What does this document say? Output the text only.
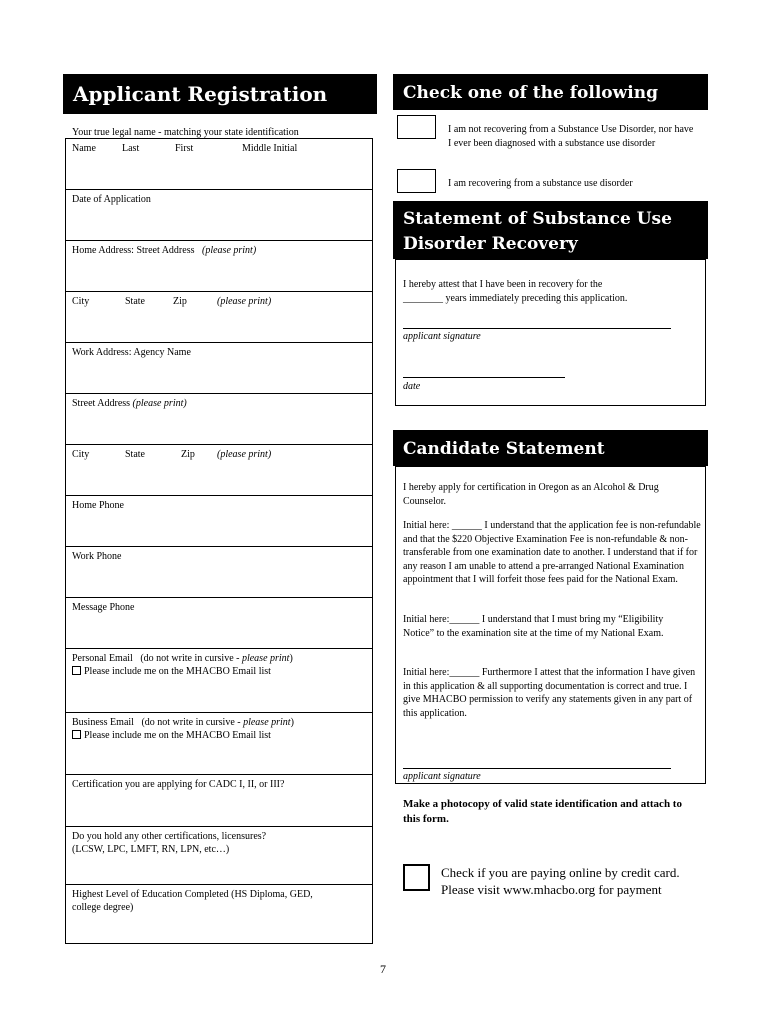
Applicant Registration
Your true legal name - matching your state identification
Name	Last	First	Middle Initial
Date of Application
Home Address: Street Address (please print)
City	State	Zip	(please print)
Work Address: Agency Name
Street Address (please print)
City	State	Zip (please print)
Home Phone
Work Phone
Message Phone
Personal Email (do not write in cursive - please print)
Please include me on the MHACBO Email list
Business Email (do not write in cursive - please print)
Please include me on the MHACBO Email list
Certification you are applying for CADC I, II, or III?
Do you hold any other certifications, licensures?
(LCSW, LPC, LMFT, RN, LPN, etc…)
Highest Level of Education Completed (HS Diploma, GED, college degree)
Check one of the following
I am not recovering from a Substance Use Disorder, nor have I ever been diagnosed with a substance use disorder
I am recovering from a substance use disorder
Statement of Substance Use Disorder Recovery
I hereby attest that I have been in recovery for the
________ years immediately preceding this application.
applicant signature
date
Candidate Statement
I hereby apply for certification in Oregon as an Alcohol & Drug Counselor.
Initial here: ______ I understand that the application fee is non-refundable and that the $220 Objective Examination Fee is non-refundable & non-transferable from one examination date to another. I understand that if for any reason I am unable to attend a pre-arranged National Examination appointment that I will forfeit those fees paid for the National Exam.
Initial here:______ I understand that I must bring my “Eligibility Notice” to the examination site at the time of my National Exam.
Initial here:______ Furthermore I attest that the information I have given in this application & all supporting documentation is correct and true. I give MHACBO permission to verify any statements given in any part of this application.
applicant signature
Make a photocopy of valid state identification and attach to this form.
Check if you are paying online by credit card.
Please visit www.mhacbo.org for payment
7
